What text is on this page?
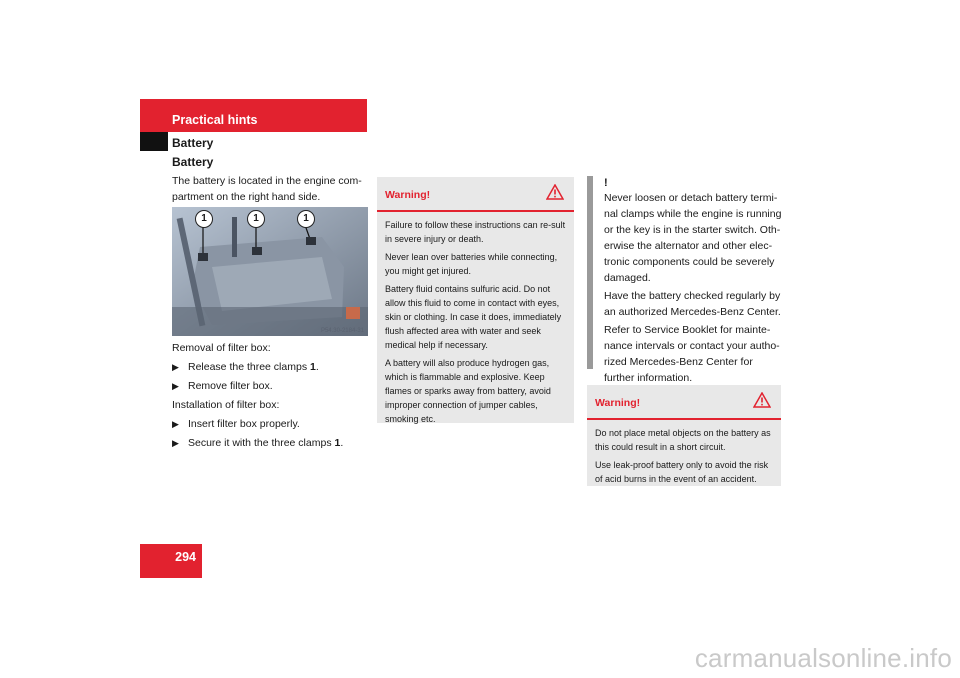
Practical hints
Battery
Battery
The battery is located in the engine com-partment on the right hand side.
1	1	1
P54.30-2184-31

Removal of filter box:

▶ Release the three clamps 1.
▶ Remove filter box.

Installation of filter box:

▶ Insert filter box properly.
▶ Secure it with the three clamps 1.
Warning!

Failure to follow these instructions can re-sult in severe injury or death.

Never lean over batteries while connecting, you might get injured.

Battery fluid contains sulfuric acid. Do not allow this fluid to come in contact with eyes, skin or clothing. In case it does, immediately flush affected area with water and seek medical help if necessary.

A battery will also produce hydrogen gas, which is flammable and explosive. Keep flames or sparks away from battery, avoid improper connection of jumper cables, smoking etc.

!

Never loosen or detach battery termi-nal clamps while the engine is running or the key is in the starter switch. Oth-erwise the alternator and other elec-tronic components could be severely damaged.

Have the battery checked regularly by an authorized Mercedes-Benz Center.

Refer to Service Booklet for mainte-nance intervals or contact your autho-rized Mercedes-Benz Center for further information.

Warning!

Do not place metal objects on the battery as this could result in a short circuit.

Use leak-proof battery only to avoid the risk of acid burns in the event of an accident.

294
carmanualsonline.info
